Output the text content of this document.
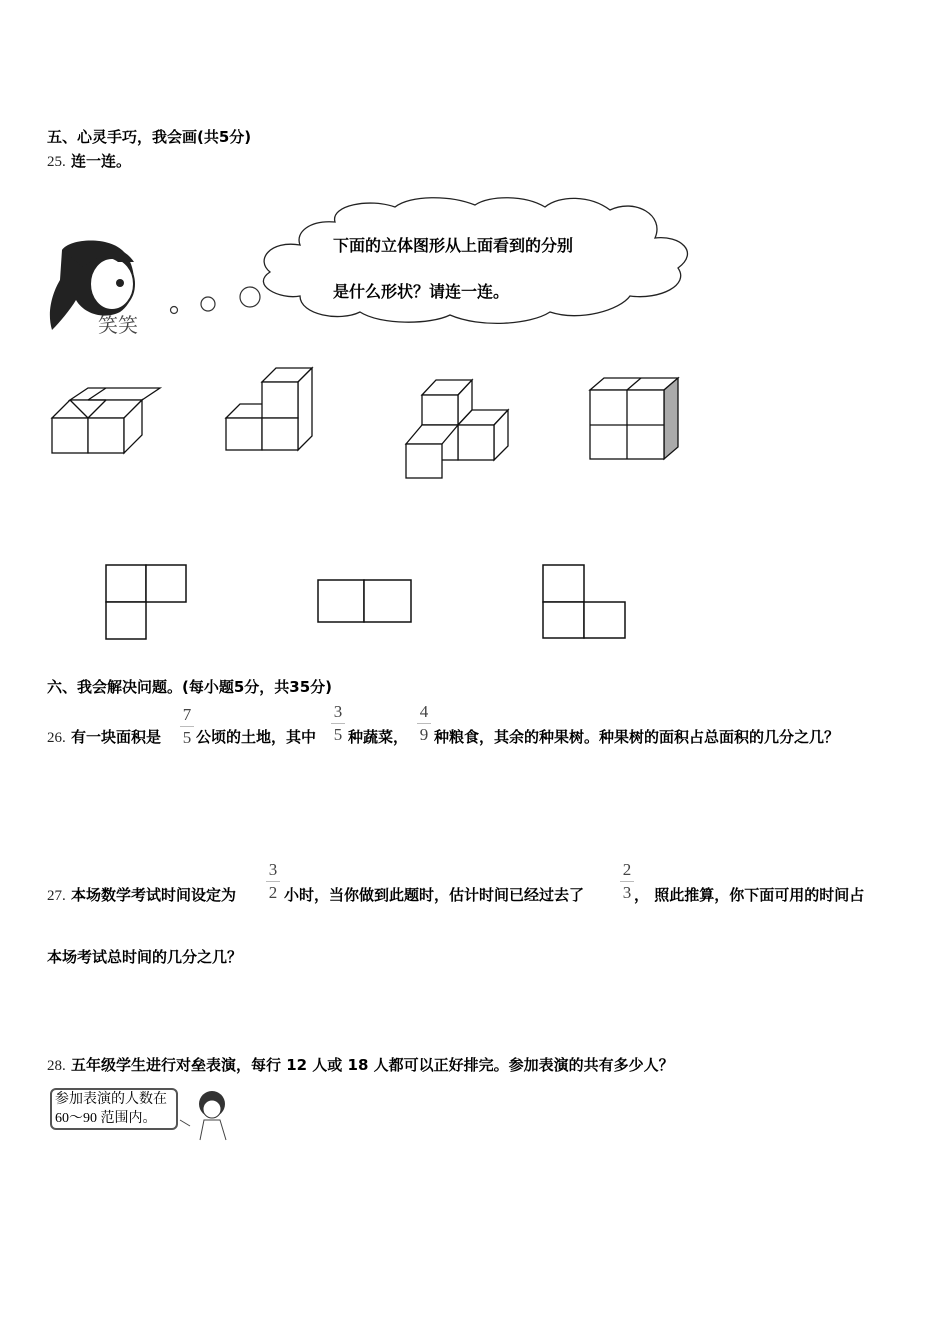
五、心灵手巧，我会画(共5分)
25. 连一连。
笑笑
下面的立体图形从上面看到的分别
是什么形状？请连一连。
六、我会解决问题。(每小题5分，共35分)
26. 有一块面积是
7
5 公顷的土地，其中
3
5 种蔬菜，
4
9 种粮食，其余的种果树。种果树的面积占总面积的几分之几？
27. 本场数学考试时间设定为
3
2 小时，当你做到此题时，估计时间已经过去了
2
3 ， 照此推算，你下面可用的时间占
本场考试总时间的几分之几？
28. 五年级学生进行对垒表演，每行 12 人或 18 人都可以正好排完。参加表演的共有多少人？
参加表演的人数在
60～90 范围内。
